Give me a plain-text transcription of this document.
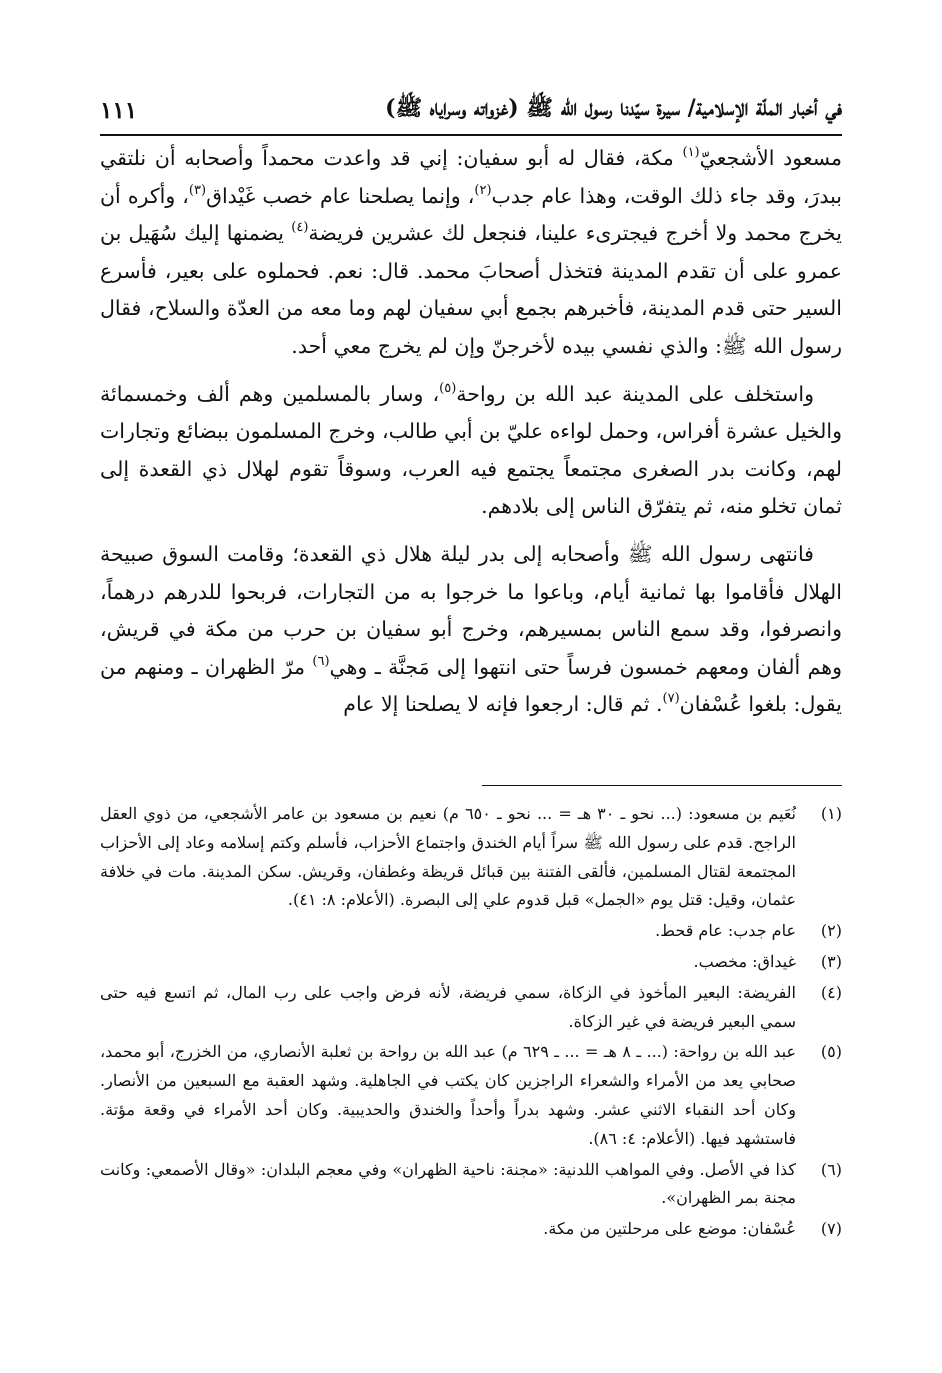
في أخبار الملّة الإسلامية/ سيرة سيّدنا رسول الله ﷺ (غزواته وسراياه ﷺ)
١١١

مسعود الأشجعيّ$^{(١)}$ مكة، فقال له أبو سفيان: إني قد واعدت محمداً وأصحابه أن نلتقي ببدرَ، وقد جاء ذلك الوقت، وهذا عام جدب$^{(٢)}$، وإنما يصلحنا عام خصب غَيْداق$^{(٣)}$، وأكره أن يخرج محمد ولا أخرج فيجترىء علينا، فنجعل لك عشرين فريضة$^{(٤)}$ يضمنها إليك سُهَيل بن عمرو على أن تقدم المدينة فتخذل أصحابَ محمد. قال: نعم. فحملوه على بعير، فأسرع السير حتى قدم المدينة، فأخبرهم بجمع أبي سفيان لهم وما معه من العدّة والسلاح، فقال رسول الله ﷺ: والذي نفسي بيده لأخرجنّ وإن لم يخرج معي أحد.

واستخلف على المدينة عبد الله بن رواحة$^{(٥)}$، وسار بالمسلمين وهم ألف وخمسمائة والخيل عشرة أفراس، وحمل لواءه عليّ بن أبي طالب، وخرج المسلمون ببضائع وتجارات لهم، وكانت بدر الصغرى مجتمعاً يجتمع فيه العرب، وسوقاً تقوم لهلال ذي القعدة إلى ثمان تخلو منه، ثم يتفرّق الناس إلى بلادهم.

فانتهى رسول الله ﷺ وأصحابه إلى بدر ليلة هلال ذي القعدة؛ وقامت السوق صبيحة الهلال فأقاموا بها ثمانية أيام، وباعوا ما خرجوا به من التجارات، فربحوا للدرهم درهماً، وانصرفوا، وقد سمع الناس بمسيرهم، وخرج أبو سفيان بن حرب من مكة في قريش، وهم ألفان ومعهم خمسون فرساً حتى انتهوا إلى مَجنَّة ـ وهي$^{(٦)}$ مرّ الظهران ـ ومنهم من يقول: بلغوا عُسْفان$^{(٧)}$. ثم قال: ارجعوا فإنه لا يصلحنا إلا عام

(١)
نُعَيم بن مسعود: (... نحو ـ ٣٠ هـ = ... نحو ـ ٦٥٠ م) نعيم بن مسعود بن عامر الأشجعي، من ذوي العقل الراجح. قدم على رسول الله ﷺ سراً أيام الخندق واجتماع الأحزاب، فأسلم وكتم إسلامه وعاد إلى الأحزاب المجتمعة لقتال المسلمين، فألقى الفتنة بين قبائل قريظة وغطفان، وقريش. سكن المدينة. مات في خلافة عثمان، وقيل: قتل يوم «الجمل» قبل قدوم علي إلى البصرة. (الأعلام: ٨: ٤١).
(٢)
عام جدب: عام قحط.
(٣)
غيداق: مخصب.
(٤)
الفريضة: البعير المأخوذ في الزكاة، سمي فريضة، لأنه فرض واجب على رب المال، ثم اتسع فيه حتى سمي البعير فريضة في غير الزكاة.
(٥)
عبد الله بن رواحة: (... ـ ٨ هـ = ... ـ ٦٢٩ م) عبد الله بن رواحة بن ثعلبة الأنصاري، من الخزرج، أبو محمد، صحابي يعد من الأمراء والشعراء الراجزين كان يكتب في الجاهلية. وشهد العقبة مع السبعين من الأنصار. وكان أحد النقباء الاثني عشر. وشهد بدراً وأحداً والخندق والحديبية. وكان أحد الأمراء في وقعة مؤتة. فاستشهد فيها. (الأعلام: ٤: ٨٦).
(٦)
كذا في الأصل. وفي المواهب اللدنية: «مجنة: ناحية الظهران» وفي معجم البلدان: «وقال الأصمعي: وكانت مجنة بمر الظهران».
(٧)
عُسْفان: موضع على مرحلتين من مكة.
